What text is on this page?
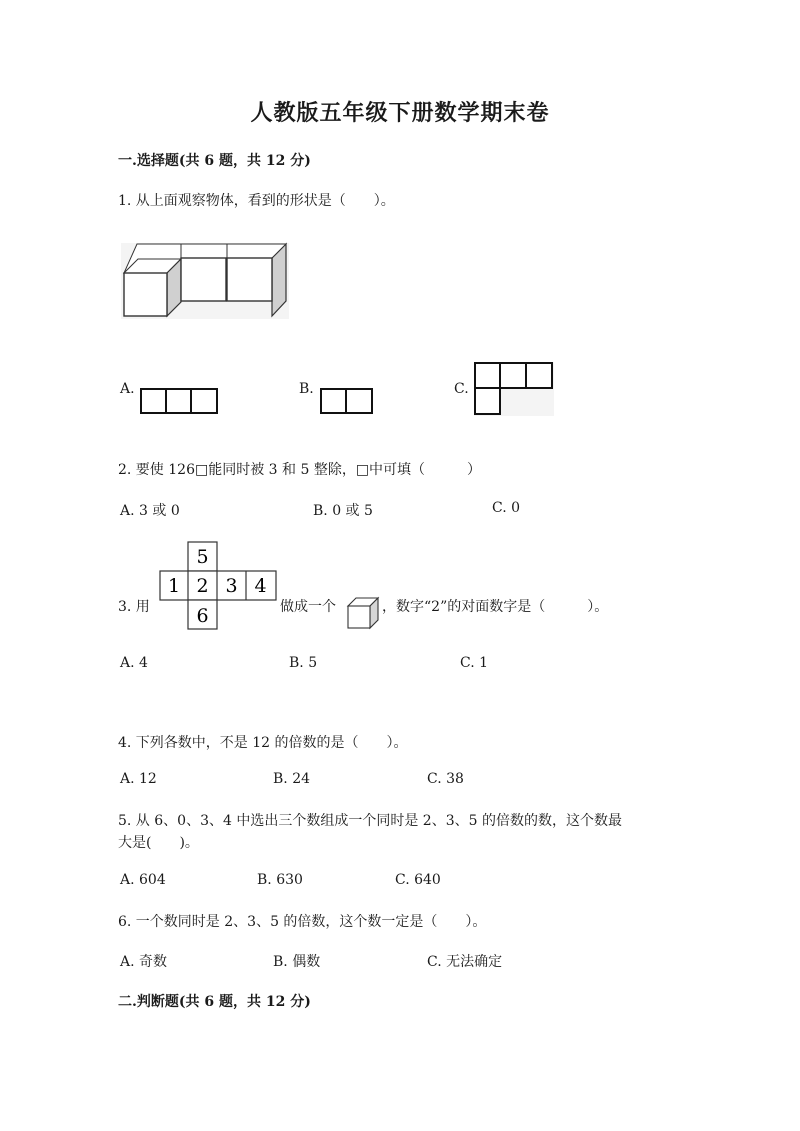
人教版五年级下册数学期末卷
一.选择题(共 6 题，共 12 分)
1. 从上面观察物体，看到的形状是（　　）。
A.	B.	C.
2. 要使 126□能同时被 3 和 5 整除，□中可填（　　　）
A. 3 或 0	B. 0 或 5	C. 0
3. 用
5
1 2 3 4
6	做成一个	，数字“2”的对面数字是（　　　）。
A. 4	B. 5	C. 1
4. 下列各数中，不是 12 的倍数的是（　　）。
A. 12	B. 24	C. 38
5. 从 6、0、3、4 中选出三个数组成一个同时是 2、3、5 的倍数的数，这个数最
大是(　　)。
A. 604	B. 630	C. 640
6. 一个数同时是 2、3、5 的倍数，这个数一定是（　　）。
A. 奇数	B. 偶数	C. 无法确定
二.判断题(共 6 题，共 12 分)
